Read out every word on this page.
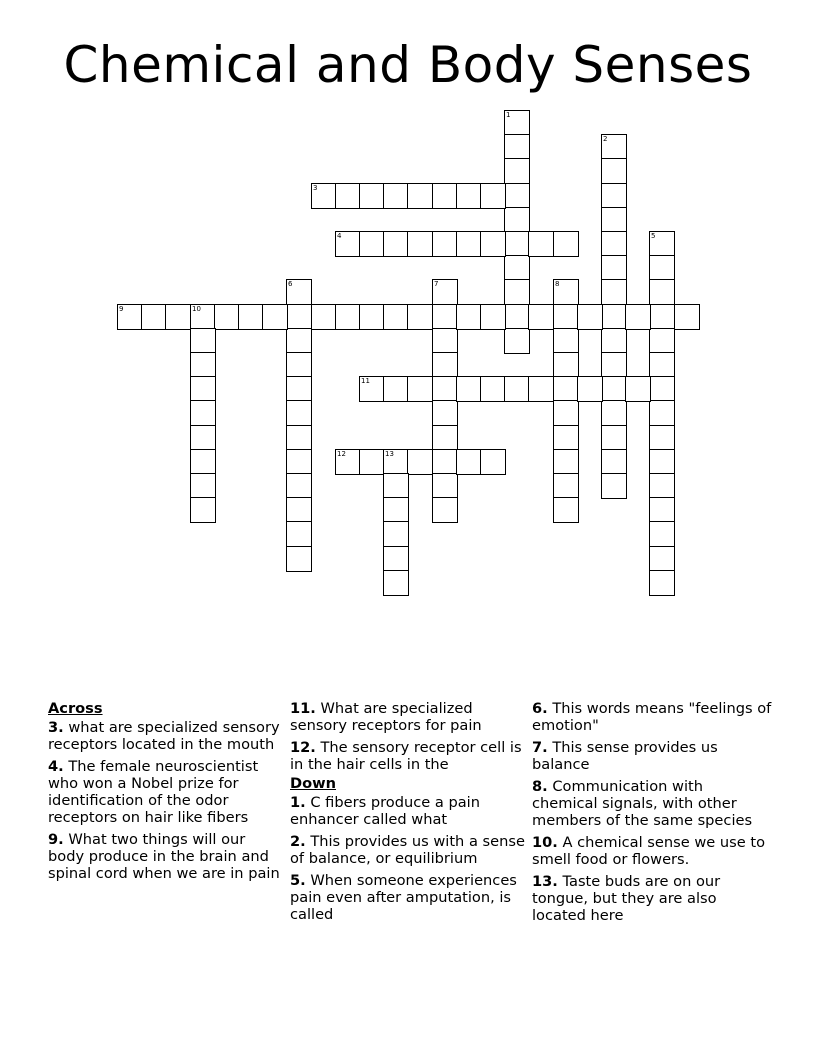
Chemical and Body Senses
1
2
3
4	5
6	7	8
9	10
11
12	13
Across
3. what are specialized sensory receptors located in the mouth
4. The female neuroscientist who won a Nobel prize for identification of the odor receptors on hair like fibers
9. What two things will our body produce in the brain and spinal cord when we are in pain
11. What are specialized sensory receptors for pain
12. The sensory receptor cell is in the hair cells in the
Down
1. C fibers produce a pain enhancer called what
2. This provides us with a sense of balance, or equilibrium
5. When someone experiences pain even after amputation, is called
6. This words means "feelings of emotion"
7. This sense provides us balance
8. Communication with chemical signals, with other members of the same species
10. A chemical sense we use to smell food or flowers.
13. Taste buds are on our tongue, but they are also located here
